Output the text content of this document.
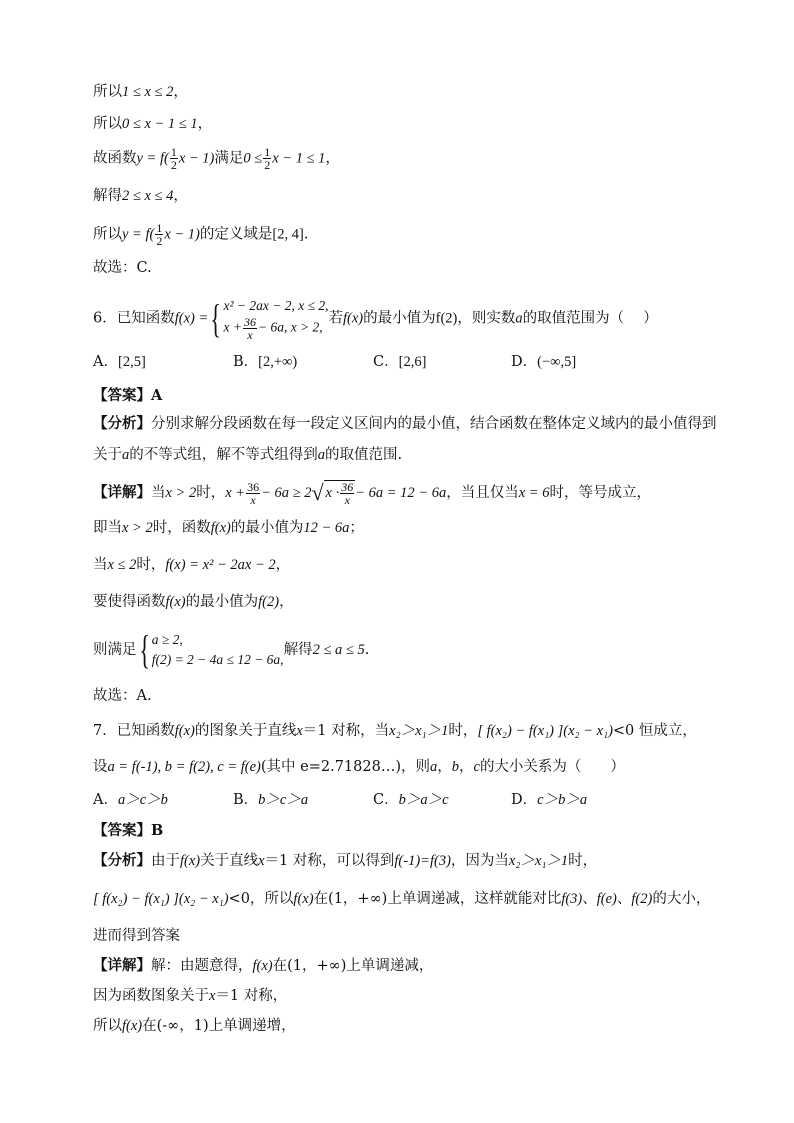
所以1 ≤ x ≤ 2，
所以0 ≤ x − 1 ≤ 1，
故函数$y = f( \frac{1}{2}$ x − 1)满足$0 \le \frac{1}{2}$ x − 1 ≤ 1，
解得2 ≤ x ≤ 4，
所以$y = f( \frac{1}{2}$ x − 1)的定义域是[2, 4].
故选：C.
6．已知函数f(x) ={ x² − 2ax − 2, x ≤ 2,
$x + \frac{36}{x} - 6a$, x > 2,
若f(x)的最小值为f(2)，则实数a的取值范围为（　 ）
A．[2,5]	B．[2,+∞)	C．[2,6]	D．(−∞,5]
【答案】A
【分析】分别求解分段函数在每一段定义区间内的最小值，结合函数在整体定义域内的最小值得到
关于a的不等式组，解不等式组得到a的取值范围.
【详解】当x > 2时，$x + \frac{36}{x} - 6a \ge 2√$ $x \cdot \frac{36}{x} - 6a = 12 - 6a$，当且仅当x = 6时，等号成立，
即当x > 2时，函数f(x)的最小值为12 − 6a；
当x ≤ 2时，f(x) = x² − 2ax − 2，
要使得函数f(x)的最小值为f(2)，
则满足{ a ≥ 2,
f(2) = 2 − 4a ≤ 12 − 6a,
解得2 ≤ a ≤ 5.
故选：A.
7．已知函数f(x)的图象关于直线x＝1 对称，当x₂＞x₁＞1时，[ f(x₂) − f(x₁) ](x₂ − x₁)<0 恒成立，
设a = f(-1), b = f(2), c = f(e)(其中 e=2.71828…)，则a，b，c的大小关系为（　　）
A．a＞c＞b	B．b＞c＞a	C．b＞a＞c	D．c＞b＞a
【答案】B
【分析】由于f(x)关于直线x＝1 对称，可以得到f(-1)=f(3)，因为当x₂＞x₁＞1时，
[ f(x₂) − f(x₁) ](x₂ − x₁)<0，所以f(x)在(1，+∞)上单调递减，这样就能对比f(3)、f(e)、f(2)的大小，
进而得到答案
【详解】解：由题意得，f(x)在(1，+∞)上单调递减，
因为函数图象关于x＝1 对称，
所以f(x)在(-∞，1)上单调递增，
